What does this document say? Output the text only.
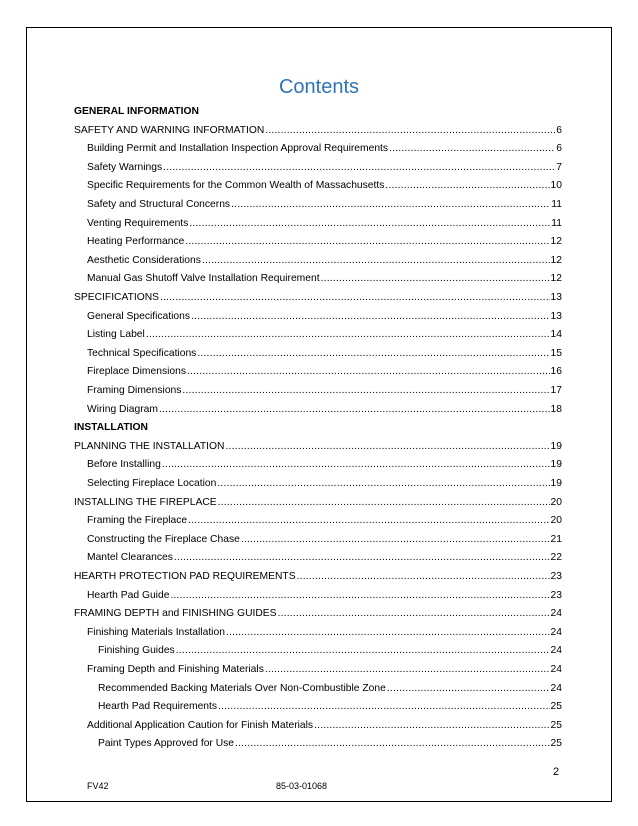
Contents
GENERAL INFORMATION
SAFETY AND WARNING INFORMATION .....	6
Building Permit and Installation Inspection Approval Requirements .....	6
Safety Warnings .....	7
Specific Requirements for the Common Wealth of Massachusetts .....	10
Safety and Structural Concerns .....	11
Venting Requirements .....	11
Heating Performance .....	12
Aesthetic Considerations .....	12
Manual Gas Shutoff Valve Installation Requirement .....	12
SPECIFICATIONS .....	13
General Specifications .....	13
Listing Label .....	14
Technical Specifications .....	15
Fireplace Dimensions .....	16
Framing Dimensions .....	17
Wiring Diagram .....	18
INSTALLATION
PLANNING THE INSTALLATION .....	19
Before Installing .....	19
Selecting Fireplace Location .....	19
INSTALLING THE FIREPLACE .....	20
Framing the Fireplace .....	20
Constructing the Fireplace Chase .....	21
Mantel Clearances .....	22
HEARTH PROTECTION PAD REQUIREMENTS .....	23
Hearth Pad Guide .....	23
FRAMING DEPTH and FINISHING GUIDES .....	24
Finishing Materials Installation .....	24
Finishing Guides .....	24
Framing Depth and Finishing Materials .....	24
Recommended Backing Materials Over Non-Combustible Zone .....	24
Hearth Pad Requirements .....	25
Additional Application Caution for Finish Materials .....	25
Paint Types Approved for Use .....	25
2
FV42	85-03-01068
